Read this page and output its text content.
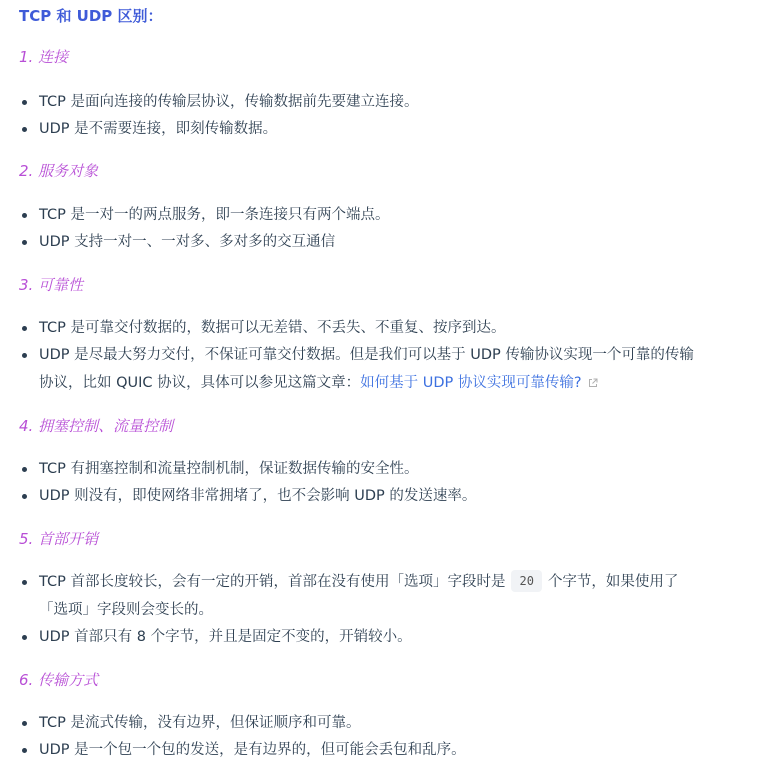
TCP 和 UDP 区别：
1. 连接
TCP 是面向连接的传输层协议，传输数据前先要建立连接。
UDP 是不需要连接，即刻传输数据。
2. 服务对象
TCP 是一对一的两点服务，即一条连接只有两个端点。
UDP 支持一对一、一对多、多对多的交互通信
3. 可靠性
TCP 是可靠交付数据的，数据可以无差错、不丢失、不重复、按序到达。
UDP 是尽最大努力交付，不保证可靠交付数据。但是我们可以基于 UDP 传输协议实现一个可靠的传输
协议，比如 QUIC 协议，具体可以参见这篇文章：如何基于 UDP 协议实现可靠传输?
4. 拥塞控制、流量控制
TCP 有拥塞控制和流量控制机制，保证数据传输的安全性。
UDP 则没有，即使网络非常拥堵了，也不会影响 UDP 的发送速率。
5. 首部开销
TCP 首部长度较长，会有一定的开销，首部在没有使用「选项」字段时是 20 个字节，如果使用了
「选项」字段则会变长的。
UDP 首部只有 8 个字节，并且是固定不变的，开销较小。
6. 传输方式
TCP 是流式传输，没有边界，但保证顺序和可靠。
UDP 是一个包一个包的发送，是有边界的，但可能会丢包和乱序。
